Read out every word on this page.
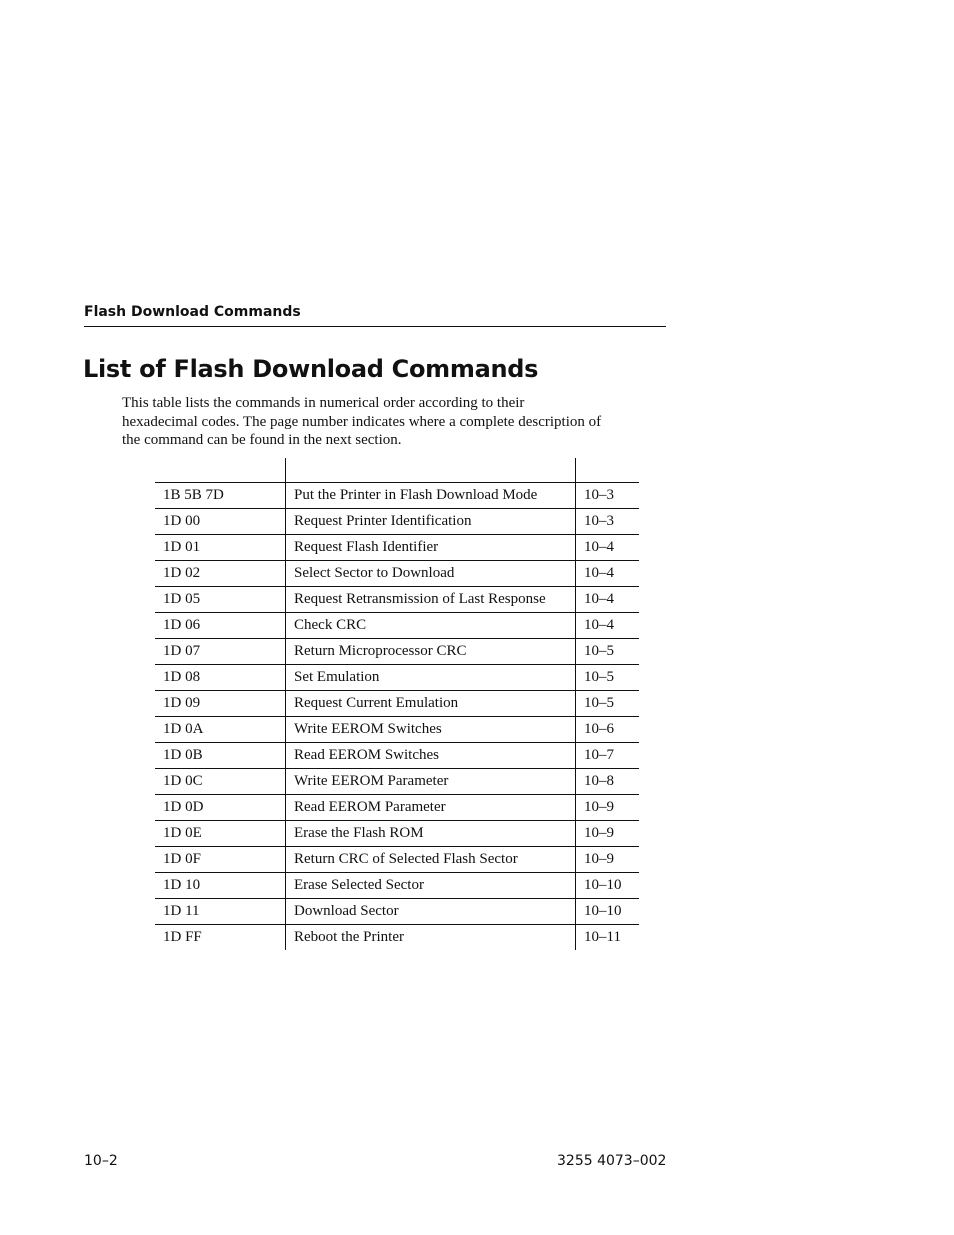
Flash Download Commands
List of Flash Download Commands

This table lists the commands in numerical order according to their
hexadecimal codes. The page number indicates where a complete description of
the command can be found in the next section.

1B 5B 7D	Put the Printer in Flash Download Mode	10–3
1D 00	Request Printer Identification	10–3
1D 01	Request Flash Identifier	10–4
1D 02	Select Sector to Download	10–4
1D 05	Request Retransmission of Last Response	10–4
1D 06	Check CRC	10–4
1D 07	Return Microprocessor CRC	10–5
1D 08	Set Emulation	10–5
1D 09	Request Current Emulation	10–5
1D 0A	Write EEROM Switches	10–6
1D 0B	Read EEROM Switches	10–7
1D 0C	Write EEROM Parameter	10–8
1D 0D	Read EEROM Parameter	10–9
1D 0E	Erase the Flash ROM	10–9
1D 0F	Return CRC of Selected Flash Sector	10–9
1D 10	Erase Selected Sector	10–10
1D 11	Download Sector	10–10
1D FF	Reboot the Printer	10–11
10–2	3255 4073–002
